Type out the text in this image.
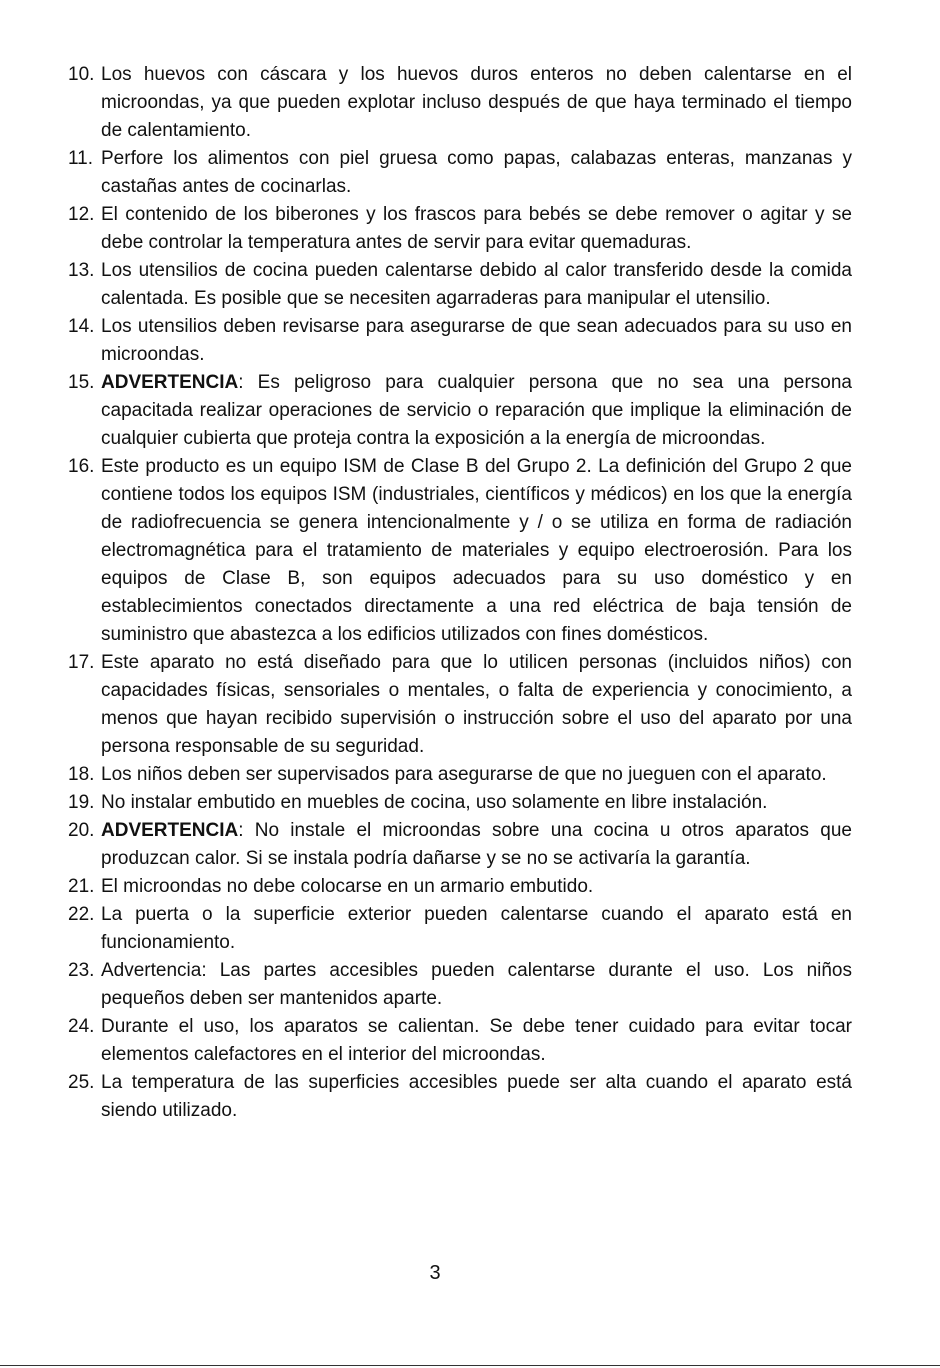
10. Los huevos con cáscara y los huevos duros enteros no deben calentarse en el microondas, ya que pueden explotar incluso después de que haya terminado el tiempo de calentamiento.
11. Perfore los alimentos con piel gruesa como papas, calabazas enteras, manzanas y castañas antes de cocinarlas.
12. El contenido de los biberones y los frascos para bebés se debe remover o agitar y se debe controlar la temperatura antes de servir para evitar quemaduras.
13. Los utensilios de cocina pueden calentarse debido al calor transferido desde la comida calentada. Es posible que se necesiten agarraderas para manipular el utensilio.
14. Los utensilios deben revisarse para asegurarse de que sean adecuados para su uso en microondas.
15. ADVERTENCIA: Es peligroso para cualquier persona que no sea una persona capacitada realizar operaciones de servicio o reparación que implique la eliminación de cualquier cubierta que proteja contra la exposición a la energía de microondas.
16. Este producto es un equipo ISM de Clase B del Grupo 2. La definición del Grupo 2 que contiene todos los equipos ISM (industriales, científicos y médicos) en los que la energía de radiofrecuencia se genera intencionalmente y / o se utiliza en forma de radiación electromagnética para el tratamiento de materiales y equipo electroerosión. Para los equipos de Clase B, son equipos adecuados para su uso doméstico y en establecimientos conectados directamente a una red eléctrica de baja tensión de suministro que abastezca a los edificios utilizados con fines domésticos.
17. Este aparato no está diseñado para que lo utilicen personas (incluidos niños) con capacidades físicas, sensoriales o mentales, o falta de experiencia y conocimiento, a menos que hayan recibido supervisión o instrucción sobre el uso del aparato por una persona responsable de su seguridad.
18. Los niños deben ser supervisados para asegurarse de que no jueguen con el aparato.
19. No instalar embutido en muebles de cocina, uso solamente en libre instalación.
20. ADVERTENCIA: No instale el microondas sobre una cocina u otros aparatos que produzcan calor. Si se instala podría dañarse y se no se activaría la garantía.
21. El microondas no debe colocarse en un armario embutido.
22. La puerta o la superficie exterior pueden calentarse cuando el aparato está en funcionamiento.
23. Advertencia: Las partes accesibles pueden calentarse durante el uso. Los niños pequeños deben ser mantenidos aparte.
24. Durante el uso, los aparatos se calientan. Se debe tener cuidado para evitar tocar elementos calefactores en el interior del microondas.
25. La temperatura de las superficies accesibles puede ser alta cuando el aparato está siendo utilizado.
3
